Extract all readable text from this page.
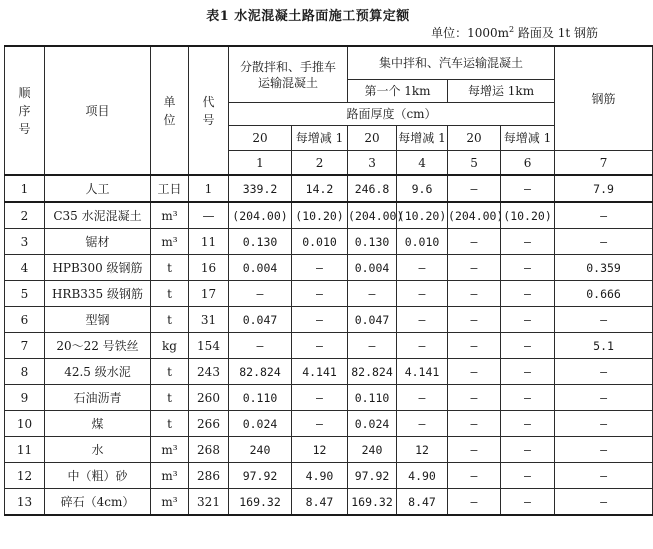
表1 水泥混凝土路面施工预算定额
单位：$1000m^2$ 路面及 1t 钢筋
顺
序
号	项目	单
位	代
号	分散拌和、手推车运输混凝土		集中拌和、汽车运输混凝土				钢筋
						第一个 1km		每增运 1km		
				路面厚度（cm）						
				20	每增减 1	20	每增减 1	20	每增减 1	
				1	2	3	4	5	6	7
1	人工	工日	1	339.2	14.2	246.8	9.6	—	—	7.9
2	C35 水泥混凝土	m³	—	(204.00)	(10.20)	(204.00)	(10.20)	(204.00)	(10.20)	—
3	锯材	m³	11	0.130	0.010	0.130	0.010	—	—	—
4	HPB300 级钢筋	t	16	0.004	—	0.004	—	—	—	0.359
5	HRB335 级钢筋	t	17	—	—	—	—	—	—	0.666
6	型钢	t	31	0.047	—	0.047	—	—	—	—
7	20～22 号铁丝	kg	154	—	—	—	—	—	—	5.1
8	42.5 级水泥	t	243	82.824	4.141	82.824	4.141	—	—	—
9	石油沥青	t	260	0.110	—	0.110	—	—	—	—
10	煤	t	266	0.024	—	0.024	—	—	—	—
11	水	m³	268	240	12	240	12	—	—	—
12	中（粗）砂	m³	286	97.92	4.90	97.92	4.90	—	—	—
13	碎石（4cm）	m³	321	169.32	8.47	169.32	8.47	—	—	—
